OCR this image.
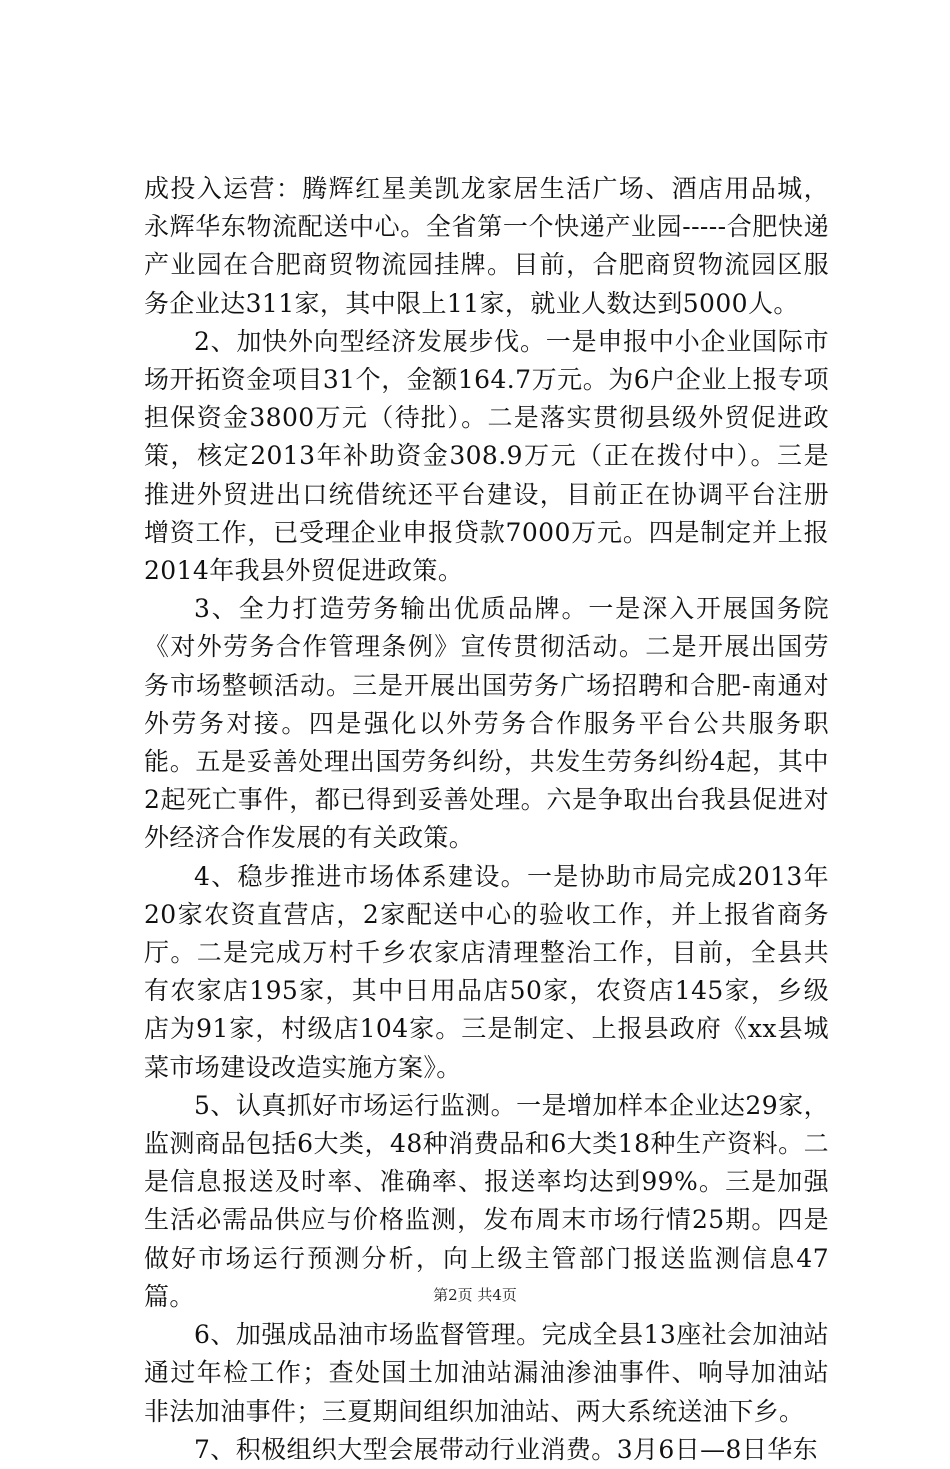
成投入运营：腾辉红星美凯龙家居生活广场、酒店用品城，永辉华东物流配送中心。全省第一个快递产业园-----合肥快递产业园在合肥商贸物流园挂牌。目前，合肥商贸物流园区服务企业达311家，其中限上11家，就业人数达到5000人。

2、加快外向型经济发展步伐。一是申报中小企业国际市场开拓资金项目31个，金额164.7万元。为6户企业上报专项担保资金3800万元（待批）。二是落实贯彻县级外贸促进政策，核定2013年补助资金308.9万元（正在拨付中）。三是推进外贸进出口统借统还平台建设，目前正在协调平台注册增资工作，已受理企业申报贷款7000万元。四是制定并上报2014年我县外贸促进政策。

3、全力打造劳务输出优质品牌。一是深入开展国务院《对外劳务合作管理条例》宣传贯彻活动。二是开展出国劳务市场整顿活动。三是开展出国劳务广场招聘和合肥-南通对外劳务对接。四是强化以外劳务合作服务平台公共服务职能。五是妥善处理出国劳务纠纷，共发生劳务纠纷4起，其中2起死亡事件，都已得到妥善处理。六是争取出台我县促进对外经济合作发展的有关政策。

4、稳步推进市场体系建设。一是协助市局完成2013年20家农资直营店，2家配送中心的验收工作，并上报省商务厅。二是完成万村千乡农家店清理整治工作，目前，全县共有农家店195家，其中日用品店50家，农资店145家，乡级店为91家，村级店104家。三是制定、上报县政府《xx县城菜市场建设改造实施方案》。

5、认真抓好市场运行监测。一是增加样本企业达29家，监测商品包括6大类，48种消费品和6大类18种生产资料。二是信息报送及时率、准确率、报送率均达到99%。三是加强生活必需品供应与价格监测，发布周末市场行情25期。四是做好市场运行预测分析，向上级主管部门报送监测信息47篇。

6、加强成品油市场监督管理。完成全县13座社会加油站通过年检工作；查处国土加油站漏油渗油事件、响导加油站非法加油事件；三夏期间组织加油站、两大系统送油下乡。

7、积极组织大型会展带动行业消费。3月6日—8日华东

第2页 共4页
